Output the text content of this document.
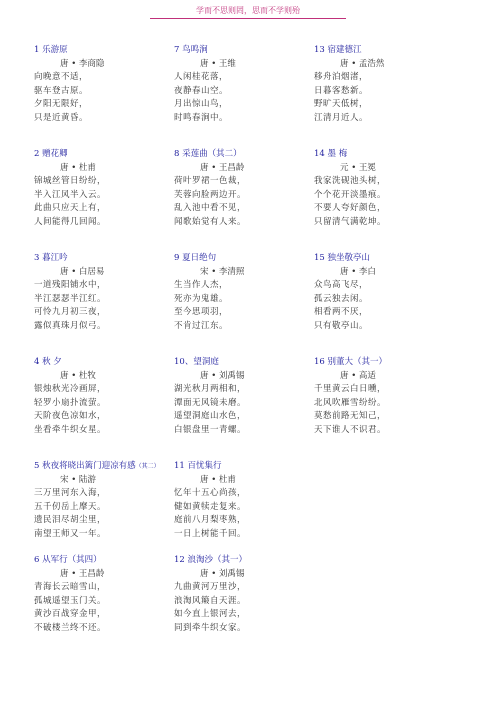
学而不思则罔，思而不学则殆
1 乐游原
唐 • 李商隐
向晚意不适，
驱车登古原。
夕阳无限好，
只是近黄昏。
7 鸟鸣涧
唐 • 王维
人闲桂花落，
夜静春山空。
月出惊山鸟，
时鸣春涧中。
13 宿建德江
唐 • 孟浩然
移舟泊烟渚，
日暮客愁新。
野旷天低树，
江清月近人。
2 赠花卿
唐 • 杜甫
锦城丝管日纷纷，
半入江风半入云。
此曲只应天上有，
人间能得几回闻。
8 采莲曲（其二）
唐 • 王昌龄
荷叶罗裙一色裁，
芙蓉向脸两边开。
乱入池中看不见，
闻歌始觉有人来。
14 墨 梅
元 • 王冕
我家洗砚池头树，
个个花开淡墨痕。
不要人夸好颜色，
只留清气满乾坤。
3 暮江吟
唐 • 白居易
一道残阳铺水中，
半江瑟瑟半江红。
可怜九月初三夜，
露似真珠月似弓。
9 夏日绝句
宋 • 李清照
生当作人杰，
死亦为鬼雄。
至今思项羽，
不肯过江东。
15 独坐敬亭山
唐 • 李白
众鸟高飞尽，
孤云独去闲。
相看两不厌，
只有敬亭山。
4 秋 夕
唐 • 杜牧
银烛秋光冷画屏，
轻罗小扇扑流萤。
天阶夜色凉如水，
坐看牵牛织女星。
10、望洞庭
唐 • 刘禹锡
湖光秋月两相和，
潭面无风镜未磨。
遥望洞庭山水色，
白银盘里一青螺。
16 别董大（其一）
唐 • 高适
千里黄云白日曛，
北风吹雁雪纷纷。
莫愁前路无知己，
天下谁人不识君。
5 秋夜将晓出篱门迎凉有感（其二）
宋 • 陆游
三万里河东入海，
五千仞岳上摩天。
遗民泪尽胡尘里，
南望王师又一年。
11 百忧集行
唐 • 杜甫
忆年十五心尚孩，
健如黄犊走复来。
庭前八月梨枣熟，
一日上树能千回。
6 从军行（其四）
唐 • 王昌龄
青海长云暗雪山，
孤城遥望玉门关。
黄沙百战穿金甲，
不破楼兰终不还。
12 浪淘沙（其一）
唐 • 刘禹锡
九曲黄河万里沙，
浪淘风簸自天涯。
如今直上银河去，
同到牵牛织女家。
